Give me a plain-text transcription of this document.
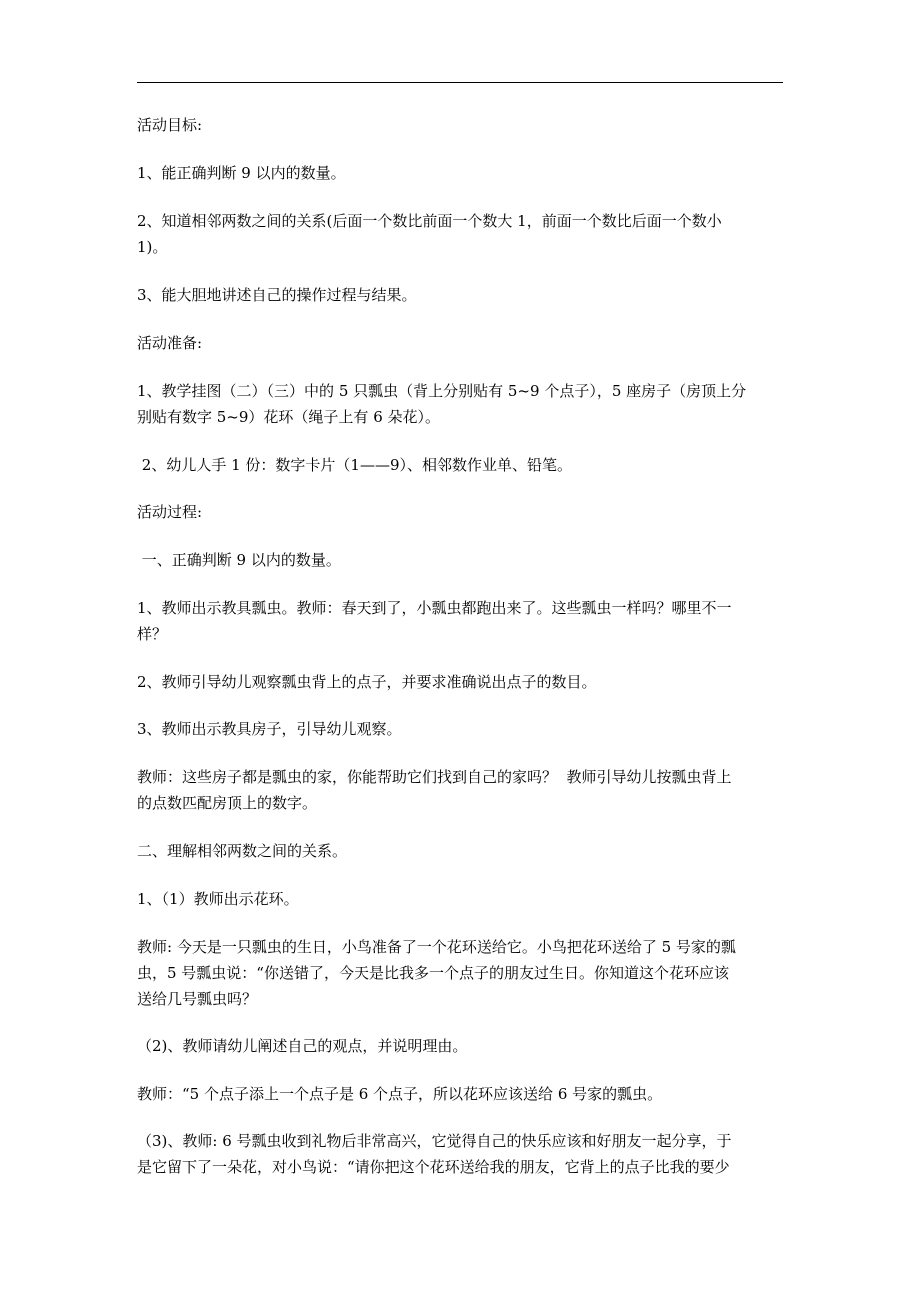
活动目标:

1、能正确判断 9 以内的数量。

2、知道相邻两数之间的关系(后面一个数比前面一个数大 1，前面一个数比后面一个数小
1)。

3、能大胆地讲述自己的操作过程与结果。

活动准备:

1、教学挂图（二）（三）中的 5 只瓢虫（背上分别贴有 5~9 个点子），5 座房子（房顶上分
别贴有数字 5~9）花环（绳子上有 6 朵花）。

2、幼儿人手 1 份：数字卡片（1——9）、相邻数作业单、铅笔。

活动过程:

一、正确判断 9 以内的数量。

1、教师出示教具瓢虫。教师：春天到了，小瓢虫都跑出来了。这些瓢虫一样吗？哪里不一
样？

2、教师引导幼儿观察瓢虫背上的点子，并要求准确说出点子的数目。

3、教师出示教具房子，引导幼儿观察。

教师：这些房子都是瓢虫的家，你能帮助它们找到自己的家吗？  教师引导幼儿按瓢虫背上
的点数匹配房顶上的数字。

二、理解相邻两数之间的关系。

1、（1）教师出示花环。

教师: 今天是一只瓢虫的生日，小鸟准备了一个花环送给它。小鸟把花环送给了 5 号家的瓢
虫，5 号瓢虫说：“你送错了，今天是比我多一个点子的朋友过生日。你知道这个花环应该
送给几号瓢虫吗？

（2)、教师请幼儿阐述自己的观点，并说明理由。

教师：“5 个点子添上一个点子是 6 个点子，所以花环应该送给 6 号家的瓢虫。

（3)、教师: 6 号瓢虫收到礼物后非常高兴，它觉得自己的快乐应该和好朋友一起分享，于
是它留下了一朵花，对小鸟说：“请你把这个花环送给我的朋友，它背上的点子比我的要少
